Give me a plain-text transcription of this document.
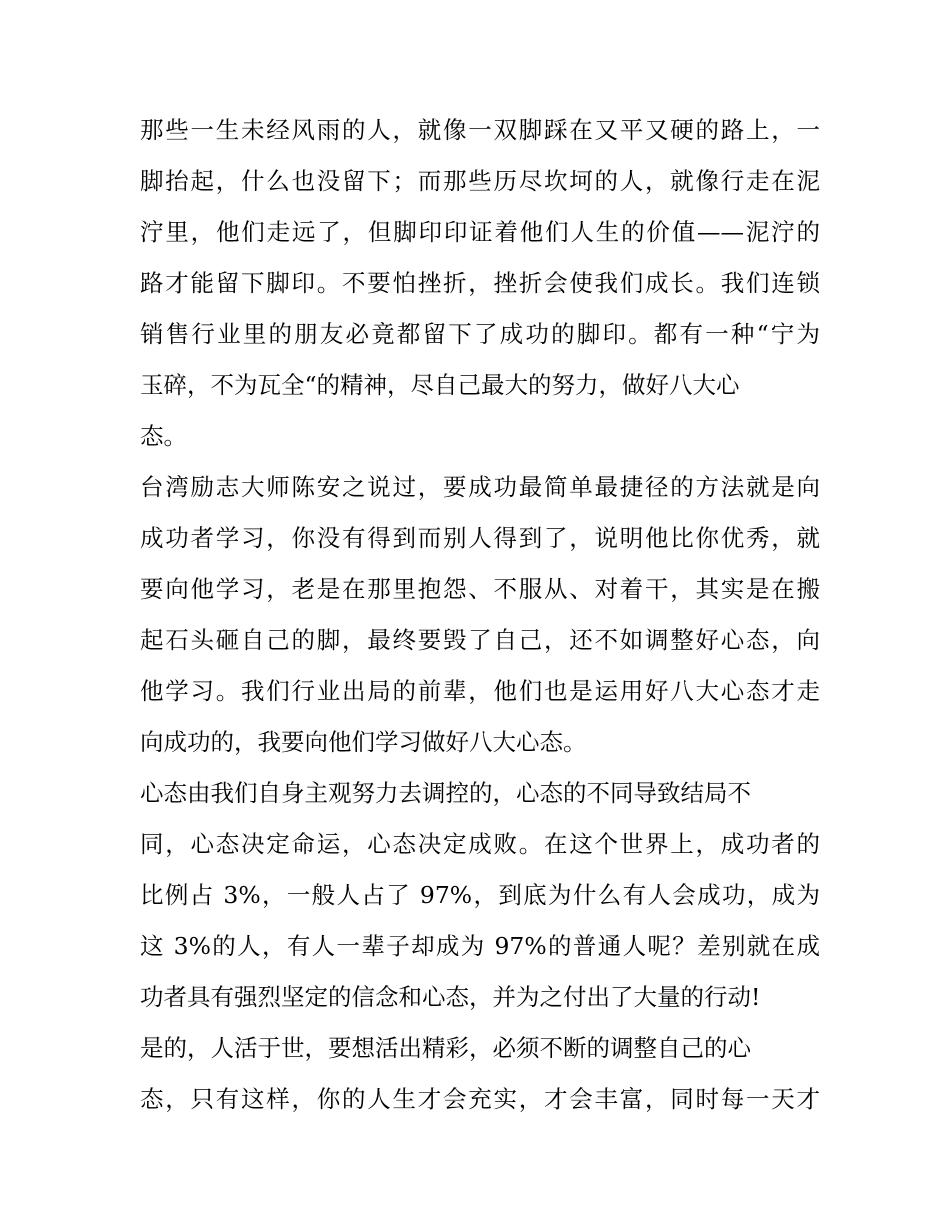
那些一生未经风雨的人，就像一双脚踩在又平又硬的路上，一
脚抬起，什么也没留下；而那些历尽坎坷的人，就像行走在泥
泞里，他们走远了，但脚印印证着他们人生的价值——泥泞的
路才能留下脚印。不要怕挫折，挫折会使我们成长。我们连锁
销售行业里的朋友必竟都留下了成功的脚印。都有一种“宁为
玉碎，不为瓦全“的精神，尽自己最大的努力，做好八大心
态。
台湾励志大师陈安之说过，要成功最简单最捷径的方法就是向
成功者学习，你没有得到而别人得到了，说明他比你优秀，就
要向他学习，老是在那里抱怨、不服从、对着干，其实是在搬
起石头砸自己的脚，最终要毁了自己，还不如调整好心态，向
他学习。我们行业出局的前辈，他们也是运用好八大心态才走
向成功的，我要向他们学习做好八大心态。
心态由我们自身主观努力去调控的，心态的不同导致结局不
同，心态决定命运，心态决定成败。在这个世界上，成功者的
比例占 3%，一般人占了 97%，到底为什么有人会成功，成为
这 3%的人，有人一辈子却成为 97%的普通人呢？差别就在成
功者具有强烈坚定的信念和心态，并为之付出了大量的行动!
是的，人活于世，要想活出精彩，必须不断的调整自己的心
态，只有这样，你的人生才会充实，才会丰富，同时每一天才
